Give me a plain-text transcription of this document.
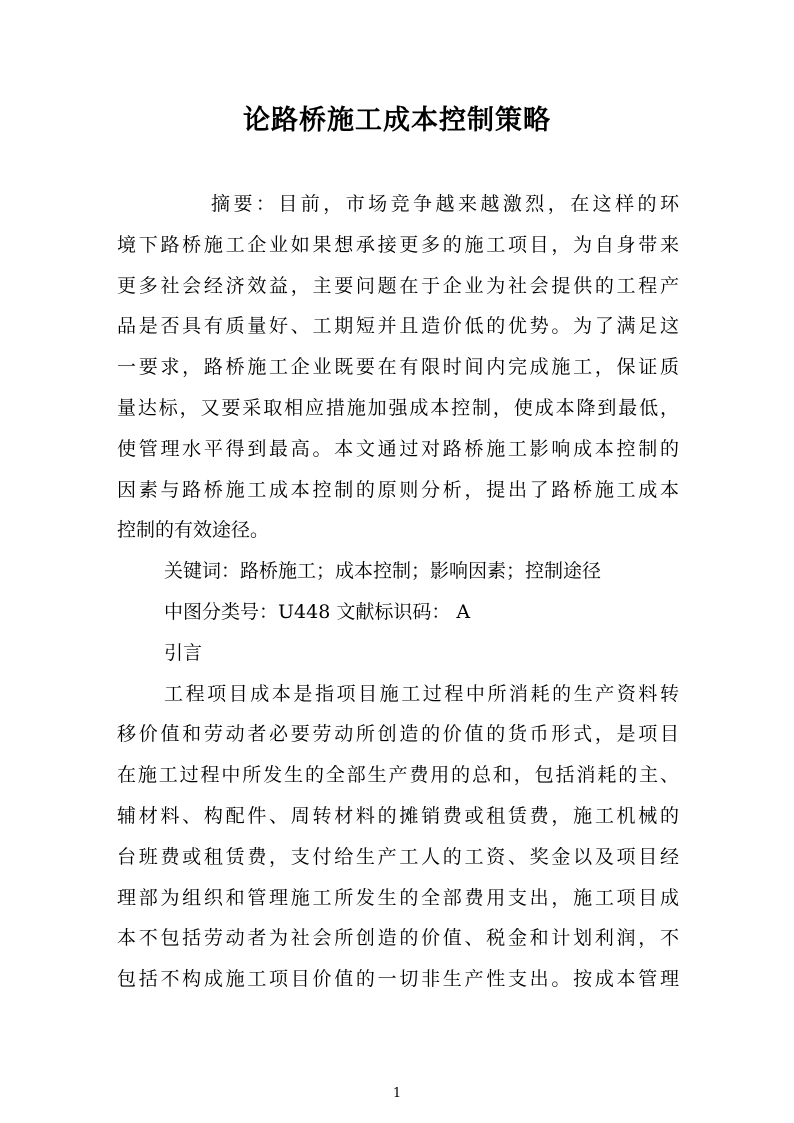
论路桥施工成本控制策略
摘要：目前，市场竞争越来越激烈，在这样的环
境下路桥施工企业如果想承接更多的施工项目，为自身带来
更多社会经济效益，主要问题在于企业为社会提供的工程产
品是否具有质量好、工期短并且造价低的优势。为了满足这
一要求，路桥施工企业既要在有限时间内完成施工，保证质
量达标，又要采取相应措施加强成本控制，使成本降到最低，
使管理水平得到最高。本文通过对路桥施工影响成本控制的
因素与路桥施工成本控制的原则分析，提出了路桥施工成本
控制的有效途径。
关键词：路桥施工；成本控制；影响因素；控制途径
中图分类号：U448 文献标识码： A
引言
工程项目成本是指项目施工过程中所消耗的生产资料转
移价值和劳动者必要劳动所创造的价值的货币形式，是项目
在施工过程中所发生的全部生产费用的总和，包括消耗的主、
辅材料、构配件、周转材料的摊销费或租赁费，施工机械的
台班费或租赁费，支付给生产工人的工资、奖金以及项目经
理部为组织和管理施工所发生的全部费用支出，施工项目成
本不包括劳动者为社会所创造的价值、税金和计划利润，不
包括不构成施工项目价值的一切非生产性支出。按成本管理
1
